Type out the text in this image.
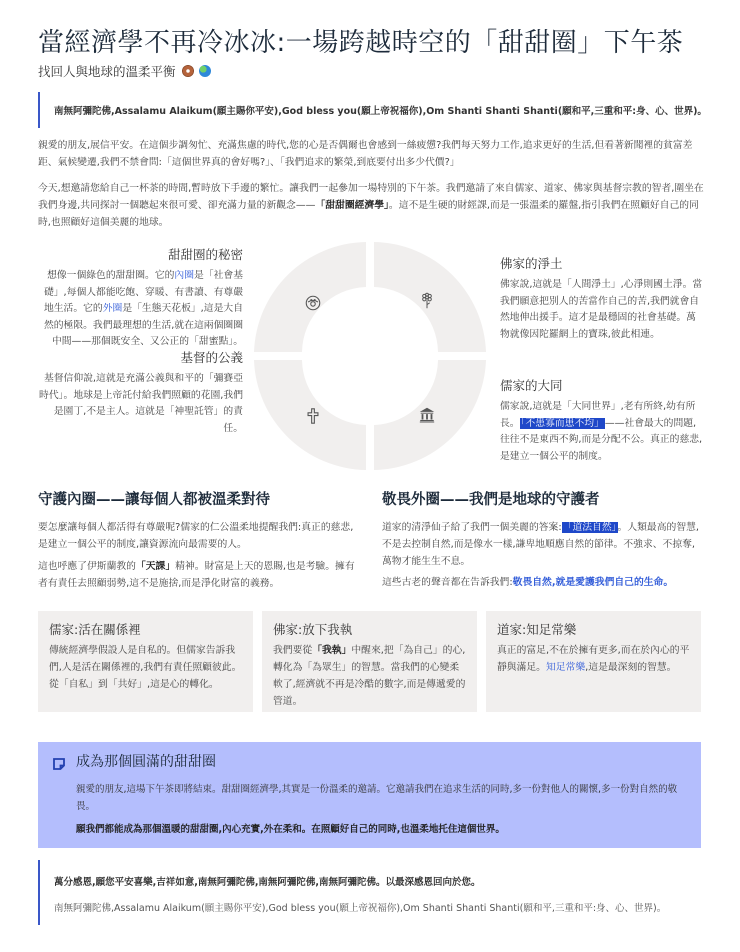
當經濟學不再冷冰冰:一場跨越時空的「甜甜圈」下午茶
找回人與地球的溫柔平衡
南無阿彌陀佛,Assalamu Alaikum(願主賜你平安),God bless you(願上帝祝福你),Om Shanti Shanti Shanti(願和平,三重和平:身、心、世界)。

親愛的朋友,展信平安。在這個步調匆忙、充滿焦慮的時代,您的心是否偶爾也會感到一絲疲憊?我們每天努力工作,追求更好的生活,但看著新聞裡的貧富差距、氣候變遷,我們不禁會問:「這個世界真的會好嗎?」、「我們追求的繁榮,到底要付出多少代價?」

今天,想邀請您給自己一杯茶的時間,暫時放下手邊的繁忙。讓我們一起參加一場特別的下午茶。我們邀請了來自儒家、道家、佛家與基督宗教的智者,圍坐在我們身邊,共同探討一個聽起來很可愛、卻充滿力量的新觀念——「甜甜圈經濟學」。這不是生硬的財經課,而是一張溫柔的羅盤,指引我們在照顧好自己的同時,也照顧好這個美麗的地球。

甜甜圈的秘密

想像一個綠色的甜甜圈。它的內圈是「社會基礎」,每個人都能吃飽、穿暖、有書讀、有尊嚴地生活。它的外圈是「生態天花板」,這是大自然的極限。我們最理想的生活,就在這兩個圈圈中間——那個既安全、又公正的「甜蜜點」。

佛家的淨土

佛家說,這就是「人間淨土」,心淨則國土淨。當我們願意把別人的苦當作自己的苦,我們就會自然地伸出援手。這才是最穩固的社會基礎。萬物就像因陀羅網上的寶珠,彼此相連。

基督的公義

基督信仰說,這就是充滿公義與和平的「彌賽亞時代」。地球是上帝託付給我們照顧的花園,我們是園丁,不是主人。這就是「神聖託管」的責任。

儒家的大同

儒家說,這就是「大同世界」,老有所終,幼有所長。「不患寡而患不均」——社會最大的問題,往往不是東西不夠,而是分配不公。真正的慈悲,是建立一個公平的制度。

守護內圈——讓每個人都被溫柔對待

要怎麼讓每個人都活得有尊嚴呢?儒家的仁公溫柔地提醒我們:真正的慈悲,是建立一個公平的制度,讓資源流向最需要的人。

這也呼應了伊斯蘭教的「天課」精神。財富是上天的恩賜,也是考驗。擁有者有責任去照顧弱勢,這不是施捨,而是淨化財富的義務。

敬畏外圈——我們是地球的守護者

道家的清淨仙子給了我們一個美麗的答案:「道法自然」。人類最高的智慧,不是去控制自然,而是像水一樣,謙卑地順應自然的節律。不強求、不掠奪,萬物才能生生不息。

這些古老的聲音都在告訴我們:敬畏自然,就是愛護我們自己的生命。

儒家:活在關係裡

傳統經濟學假設人是自私的。但儒家告訴我們,人是活在關係裡的,我們有責任照顧彼此。從「自私」到「共好」,這是心的轉化。

佛家:放下我執

我們要從「我執」中醒來,把「為自己」的心,轉化為「為眾生」的智慧。當我們的心變柔軟了,經濟就不再是冷酷的數字,而是傳遞愛的管道。

道家:知足常樂

真正的富足,不在於擁有更多,而在於內心的平靜與滿足。知足常樂,這是最深刻的智慧。

成為那個圓滿的甜甜圈

親愛的朋友,這場下午茶即將結束。甜甜圈經濟學,其實是一份溫柔的邀請。它邀請我們在追求生活的同時,多一份對他人的關懷,多一份對自然的敬畏。

願我們都能成為那個溫暖的甜甜圈,內心充實,外在柔和。在照顧好自己的同時,也溫柔地托住這個世界。

萬分感恩,願您平安喜樂,吉祥如意,南無阿彌陀佛,南無阿彌陀佛,南無阿彌陀佛。以最深感恩回向於您。
南無阿彌陀佛,Assalamu Alaikum(願主賜你平安),God bless you(願上帝祝福你),Om Shanti Shanti Shanti(願和平,三重和平:身、心、世界)。
